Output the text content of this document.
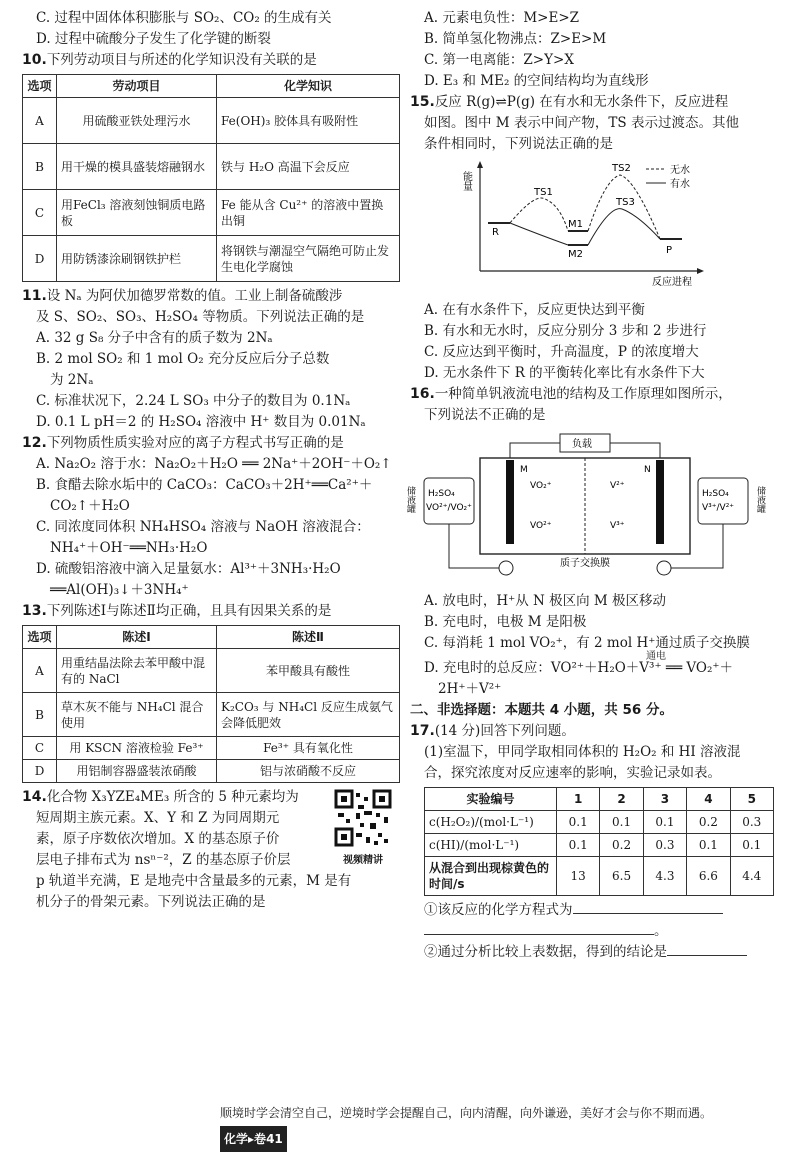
C. 过程中固体体积膨胀与 SO₂、CO₂ 的生成有关
D. 过程中硫酸分子发生了化学键的断裂
10.下列劳动项目与所述的化学知识没有关联的是
选项	劳动项目	化学知识
A	用硫酸亚铁处理污水	Fe(OH)₃ 胶体具有吸附性
B	用干燥的模具盛装熔融钢水	铁与 H₂O 高温下会反应
C	用FeCl₃ 溶液刻蚀铜质电路板	Fe 能从含 Cu²⁺ 的溶液中置换出铜
D	用防锈漆涂刷钢铁护栏	将钢铁与潮湿空气隔绝可防止发生电化学腐蚀
11.设 Nₐ 为阿伏加德罗常数的值。工业上制备硫酸涉
及 S、SO₂、SO₃、H₂SO₄ 等物质。下列说法正确的是
A. 32 g S₈ 分子中含有的质子数为 2Nₐ
B. 2 mol SO₂ 和 1 mol O₂ 充分反应后分子总数
为 2Nₐ
C. 标准状况下，2.24 L SO₃ 中分子的数目为 0.1Nₐ
D. 0.1 L pH＝2 的 H₂SO₄ 溶液中 H⁺ 数目为 0.01Nₐ
12.下列物质性质实验对应的离子方程式书写正确的是
A. Na₂O₂ 溶于水：Na₂O₂＋H₂O ══ 2Na⁺＋2OH⁻＋O₂↑
B. 食醋去除水垢中的 CaCO₃：CaCO₃＋2H⁺══Ca²⁺＋
CO₂↑＋H₂O
C. 同浓度同体积 NH₄HSO₄ 溶液与 NaOH 溶液混合：
NH₄⁺＋OH⁻══NH₃·H₂O
D. 硫酸铝溶液中滴入足量氨水：Al³⁺＋3NH₃·H₂O
══Al(OH)₃↓＋3NH₄⁺
13.下列陈述Ⅰ与陈述Ⅱ均正确，且具有因果关系的是
选项	陈述Ⅰ	陈述Ⅱ
A	用重结晶法除去苯甲酸中混有的 NaCl	苯甲酸具有酸性
B	草木灰不能与 NH₄Cl 混合使用	K₂CO₃ 与 NH₄Cl 反应生成氨气会降低肥效
C	用 KSCN 溶液检验 Fe³⁺	Fe³⁺ 具有氧化性
D	用铝制容器盛装浓硝酸	铝与浓硝酸不反应
视频精讲
14.化合物 X₃YZE₄ME₃ 所含的 5 种元素均为
短周期主族元素。X、Y 和 Z 为同周期元
素，原子序数依次增加。X 的基态原子价
层电子排布式为 nsⁿ⁻²，Z 的基态原子价层
p 轨道半充满，E 是地壳中含量最多的元素，M 是有
机分子的骨架元素。下列说法正确的是
A. 元素电负性：M>E>Z
B. 简单氢化物沸点：Z>E>M
C. 第一电离能：Z>Y>X
D. E₃ 和 ME₂ 的空间结构均为直线形
15.反应 R(g)⇌P(g) 在有水和无水条件下，反应进程
如图。图中 M 表示中间产物，TS 表示过渡态。其他
条件相同时，下列说法正确的是
能量
反应进程
R
TS1
TS2
TS3
M1
M2	P
无水
有水
A. 在有水条件下，反应更快达到平衡
B. 有水和无水时，反应分别分 3 步和 2 步进行
C. 反应达到平衡时，升高温度，P 的浓度增大
D. 无水条件下 R 的平衡转化率比有水条件下大
16.一种简单钒液流电池的结构及工作原理如图所示，
下列说法不正确的是
负载
M	N
VO₂⁺
VO²⁺
V²⁺
V³⁺
H₂SO₄
VO²⁺/VO₂⁺
储液罐	H₂SO₄
V³⁺/V²⁺ 储液罐
质子交换膜
A. 放电时，H⁺从 N 极区向 M 极区移动
B. 充电时，电极 M 是阳极
C. 每消耗 1 mol VO₂⁺，有 2 mol H⁺通过质子交换膜
D. 充电时的总反应：VO²⁺＋H₂O＋V³⁺ ══ VO₂⁺＋
通电
2H⁺＋V²⁺
二、非选择题：本题共 4 小题，共 56 分。
17.(14 分)回答下列问题。
(1)室温下，甲同学取相同体积的 H₂O₂ 和 HI 溶液混
合，探究浓度对反应速率的影响，实验记录如表。
实验编号	1	2	3	4	5
c(H₂O₂)/(mol·L⁻¹)	0.1	0.1	0.1	0.2	0.3
c(HI)/(mol·L⁻¹)	0.1	0.2	0.3	0.1	0.1
从混合到出现棕黄色的时间/s	13	6.5	4.3	6.6	4.4
①该反应的化学方程式为
。
②通过分析比较上表数据，得到的结论是
顺境时学会清空自己，逆境时学会提醒自己，向内清醒，向外谦逊，美好才会与你不期而遇。 化学▸卷41
